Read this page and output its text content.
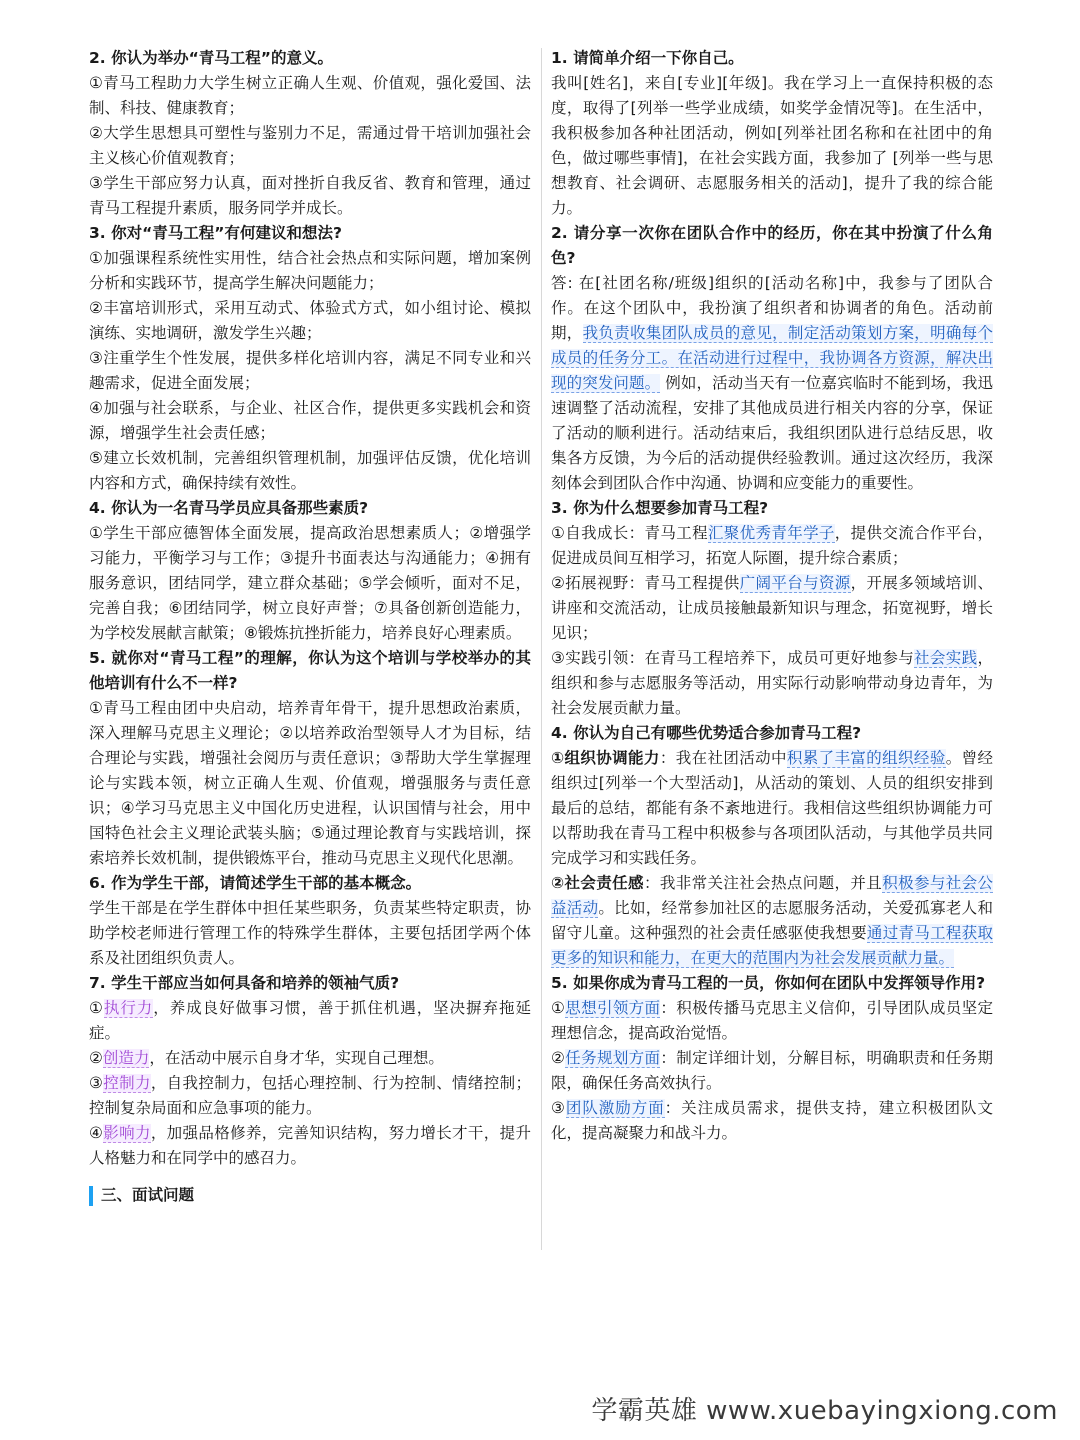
2. 你认为举办“青马工程”的意义。

①青马工程助力大学生树立正确人生观、价值观，强化爱国、法制、科技、健康教育；

②大学生思想具可塑性与鉴别力不足，需通过骨干培训加强社会主义核心价值观教育；

③学生干部应努力认真，面对挫折自我反省、教育和管理，通过青马工程提升素质，服务同学并成长。

3. 你对“青马工程”有何建议和想法?

①加强课程系统性实用性，结合社会热点和实际问题，增加案例分析和实践环节，提高学生解决问题能力；

②丰富培训形式，采用互动式、体验式方式，如小组讨论、模拟演练、实地调研，激发学生兴趣；

③注重学生个性发展，提供多样化培训内容，满足不同专业和兴趣需求，促进全面发展；

④加强与社会联系，与企业、社区合作，提供更多实践机会和资源，增强学生社会责任感；

⑤建立长效机制，完善组织管理机制，加强评估反馈，优化培训内容和方式，确保持续有效性。

4. 你认为一名青马学员应具备那些素质?

①学生干部应德智体全面发展，提高政治思想素质人；②增强学习能力，平衡学习与工作；③提升书面表达与沟通能力；④拥有服务意识，团结同学，建立群众基础；⑤学会倾听，面对不足，完善自我；⑥团结同学，树立良好声誉；⑦具备创新创造能力，为学校发展献言献策；⑧锻炼抗挫折能力，培养良好心理素质。

5. 就你对“青马工程”的理解，你认为这个培训与学校举办的其他培训有什么不一样?

①青马工程由团中央启动，培养青年骨干，提升思想政治素质，深入理解马克思主义理论；②以培养政治型领导人才为目标，结合理论与实践，增强社会阅历与责任意识；③帮助大学生掌握理论与实践本领，树立正确人生观、价值观，增强服务与责任意识；④学习马克思主义中国化历史进程，认识国情与社会，用中国特色社会主义理论武装头脑；⑤通过理论教育与实践培训，探索培养长效机制，提供锻炼平台，推动马克思主义现代化思潮。

6. 作为学生干部，请简述学生干部的基本概念。

学生干部是在学生群体中担任某些职务，负责某些特定职责，协助学校老师进行管理工作的特殊学生群体，主要包括团学两个体系及社团组织负责人。

7. 学生干部应当如何具备和培养的领袖气质?

①执行力，养成良好做事习惯，善于抓住机遇，坚决摒弃拖延症。

②创造力，在活动中展示自身才华，实现自己理想。

③控制力，自我控制力，包括心理控制、行为控制、情绪控制；控制复杂局面和应急事项的能力。

④影响力，加强品格修养，完善知识结构，努力增长才干，提升人格魅力和在同学中的感召力。

三、面试问题

1. 请简单介绍一下你自己。

我叫[姓名]，来自[专业][年级]。我在学习上一直保持积极的态度，取得了[列举一些学业成绩，如奖学金情况等]。在生活中，我积极参加各种社团活动，例如[列举社团名称和在社团中的角色，做过哪些事情]，在社会实践方面，我参加了 [列举一些与思想教育、社会调研、志愿服务相关的活动]，提升了我的综合能力。

2. 请分享一次你在团队合作中的经历，你在其中扮演了什么角色?

答: 在[社团名称/班级]组织的[活动名称]中，我参与了团队合作。在这个团队中，我扮演了组织者和协调者的角色。活动前期，我负责收集团队成员的意见，制定活动策划方案，明确每个成员的任务分工。在活动进行过程中，我协调各方资源，解决出现的突发问题。 例如，活动当天有一位嘉宾临时不能到场，我迅速调整了活动流程，安排了其他成员进行相关内容的分享，保证了活动的顺利进行。活动结束后，我组织团队进行总结反思，收集各方反馈，为今后的活动提供经验教训。通过这次经历，我深刻体会到团队合作中沟通、协调和应变能力的重要性。

3. 你为什么想要参加青马工程?

①自我成长：青马工程汇聚优秀青年学子，提供交流合作平台，促进成员间互相学习，拓宽人际圈，提升综合素质；

②拓展视野：青马工程提供广阔平台与资源，开展多领域培训、讲座和交流活动，让成员接触最新知识与理念，拓宽视野，增长见识；

③实践引领：在青马工程培养下，成员可更好地参与社会实践，组织和参与志愿服务等活动，用实际行动影响带动身边青年，为社会发展贡献力量。

4. 你认为自己有哪些优势适合参加青马工程?

①组织协调能力：我在社团活动中积累了丰富的组织经验。曾经组织过[列举一个大型活动]，从活动的策划、人员的组织安排到最后的总结，都能有条不紊地进行。我相信这些组织协调能力可以帮助我在青马工程中积极参与各项团队活动，与其他学员共同完成学习和实践任务。

②社会责任感：我非常关注社会热点问题，并且积极参与社会公益活动。比如，经常参加社区的志愿服务活动，关爱孤寡老人和留守儿童。这种强烈的社会责任感驱使我想要通过青马工程获取更多的知识和能力，在更大的范围内为社会发展贡献力量。

5. 如果你成为青马工程的一员，你如何在团队中发挥领导作用?

①思想引领方面：积极传播马克思主义信仰，引导团队成员坚定理想信念，提高政治觉悟。

②任务规划方面：制定详细计划，分解目标，明确职责和任务期限，确保任务高效执行。

③团队激励方面：关注成员需求，提供支持，建立积极团队文化，提高凝聚力和战斗力。

学霸英雄 www.xuebayingxiong.com
